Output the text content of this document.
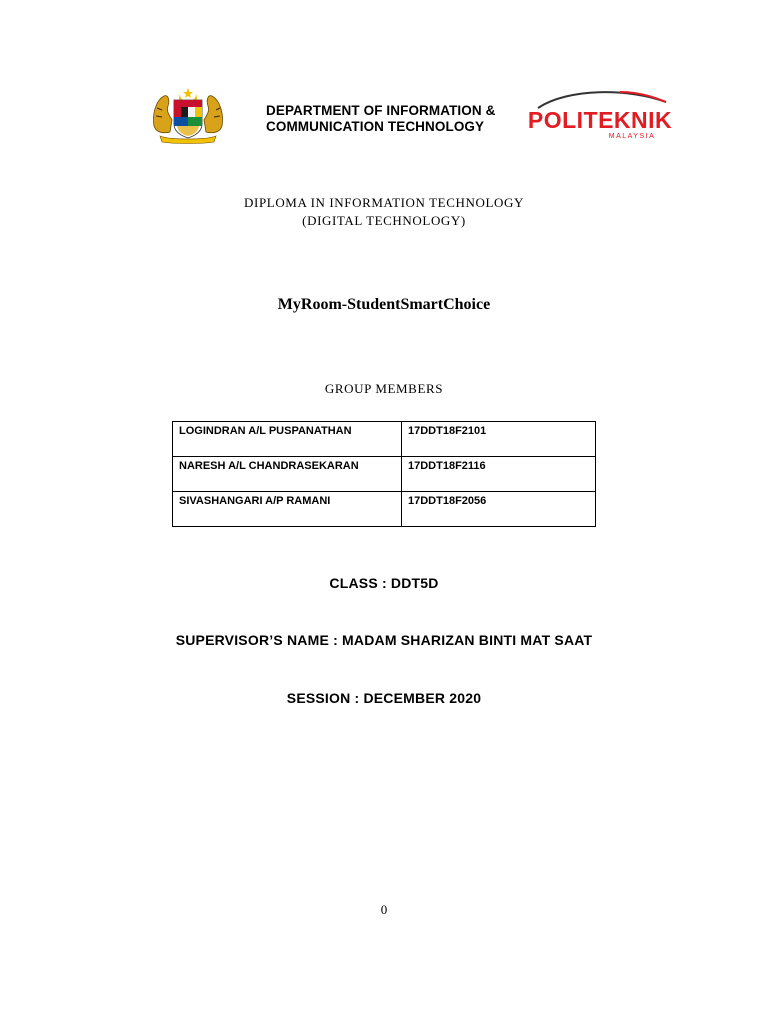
DEPARTMENT OF INFORMATION &
COMMUNICATION TECHNOLOGY	POLITEKNIK
MALAYSIA
DIPLOMA IN INFORMATION TECHNOLOGY
(DIGITAL TECHNOLOGY)
MyRoom-StudentSmartChoice
GROUP MEMBERS
LOGINDRAN A/L PUSPANATHAN	17DDT18F2101
NARESH A/L CHANDRASEKARAN	17DDT18F2116
SIVASHANGARI A/P RAMANI	17DDT18F2056
CLASS : DDT5D
SUPERVISOR’S NAME : MADAM SHARIZAN BINTI MAT SAAT
SESSION : DECEMBER 2020
0
